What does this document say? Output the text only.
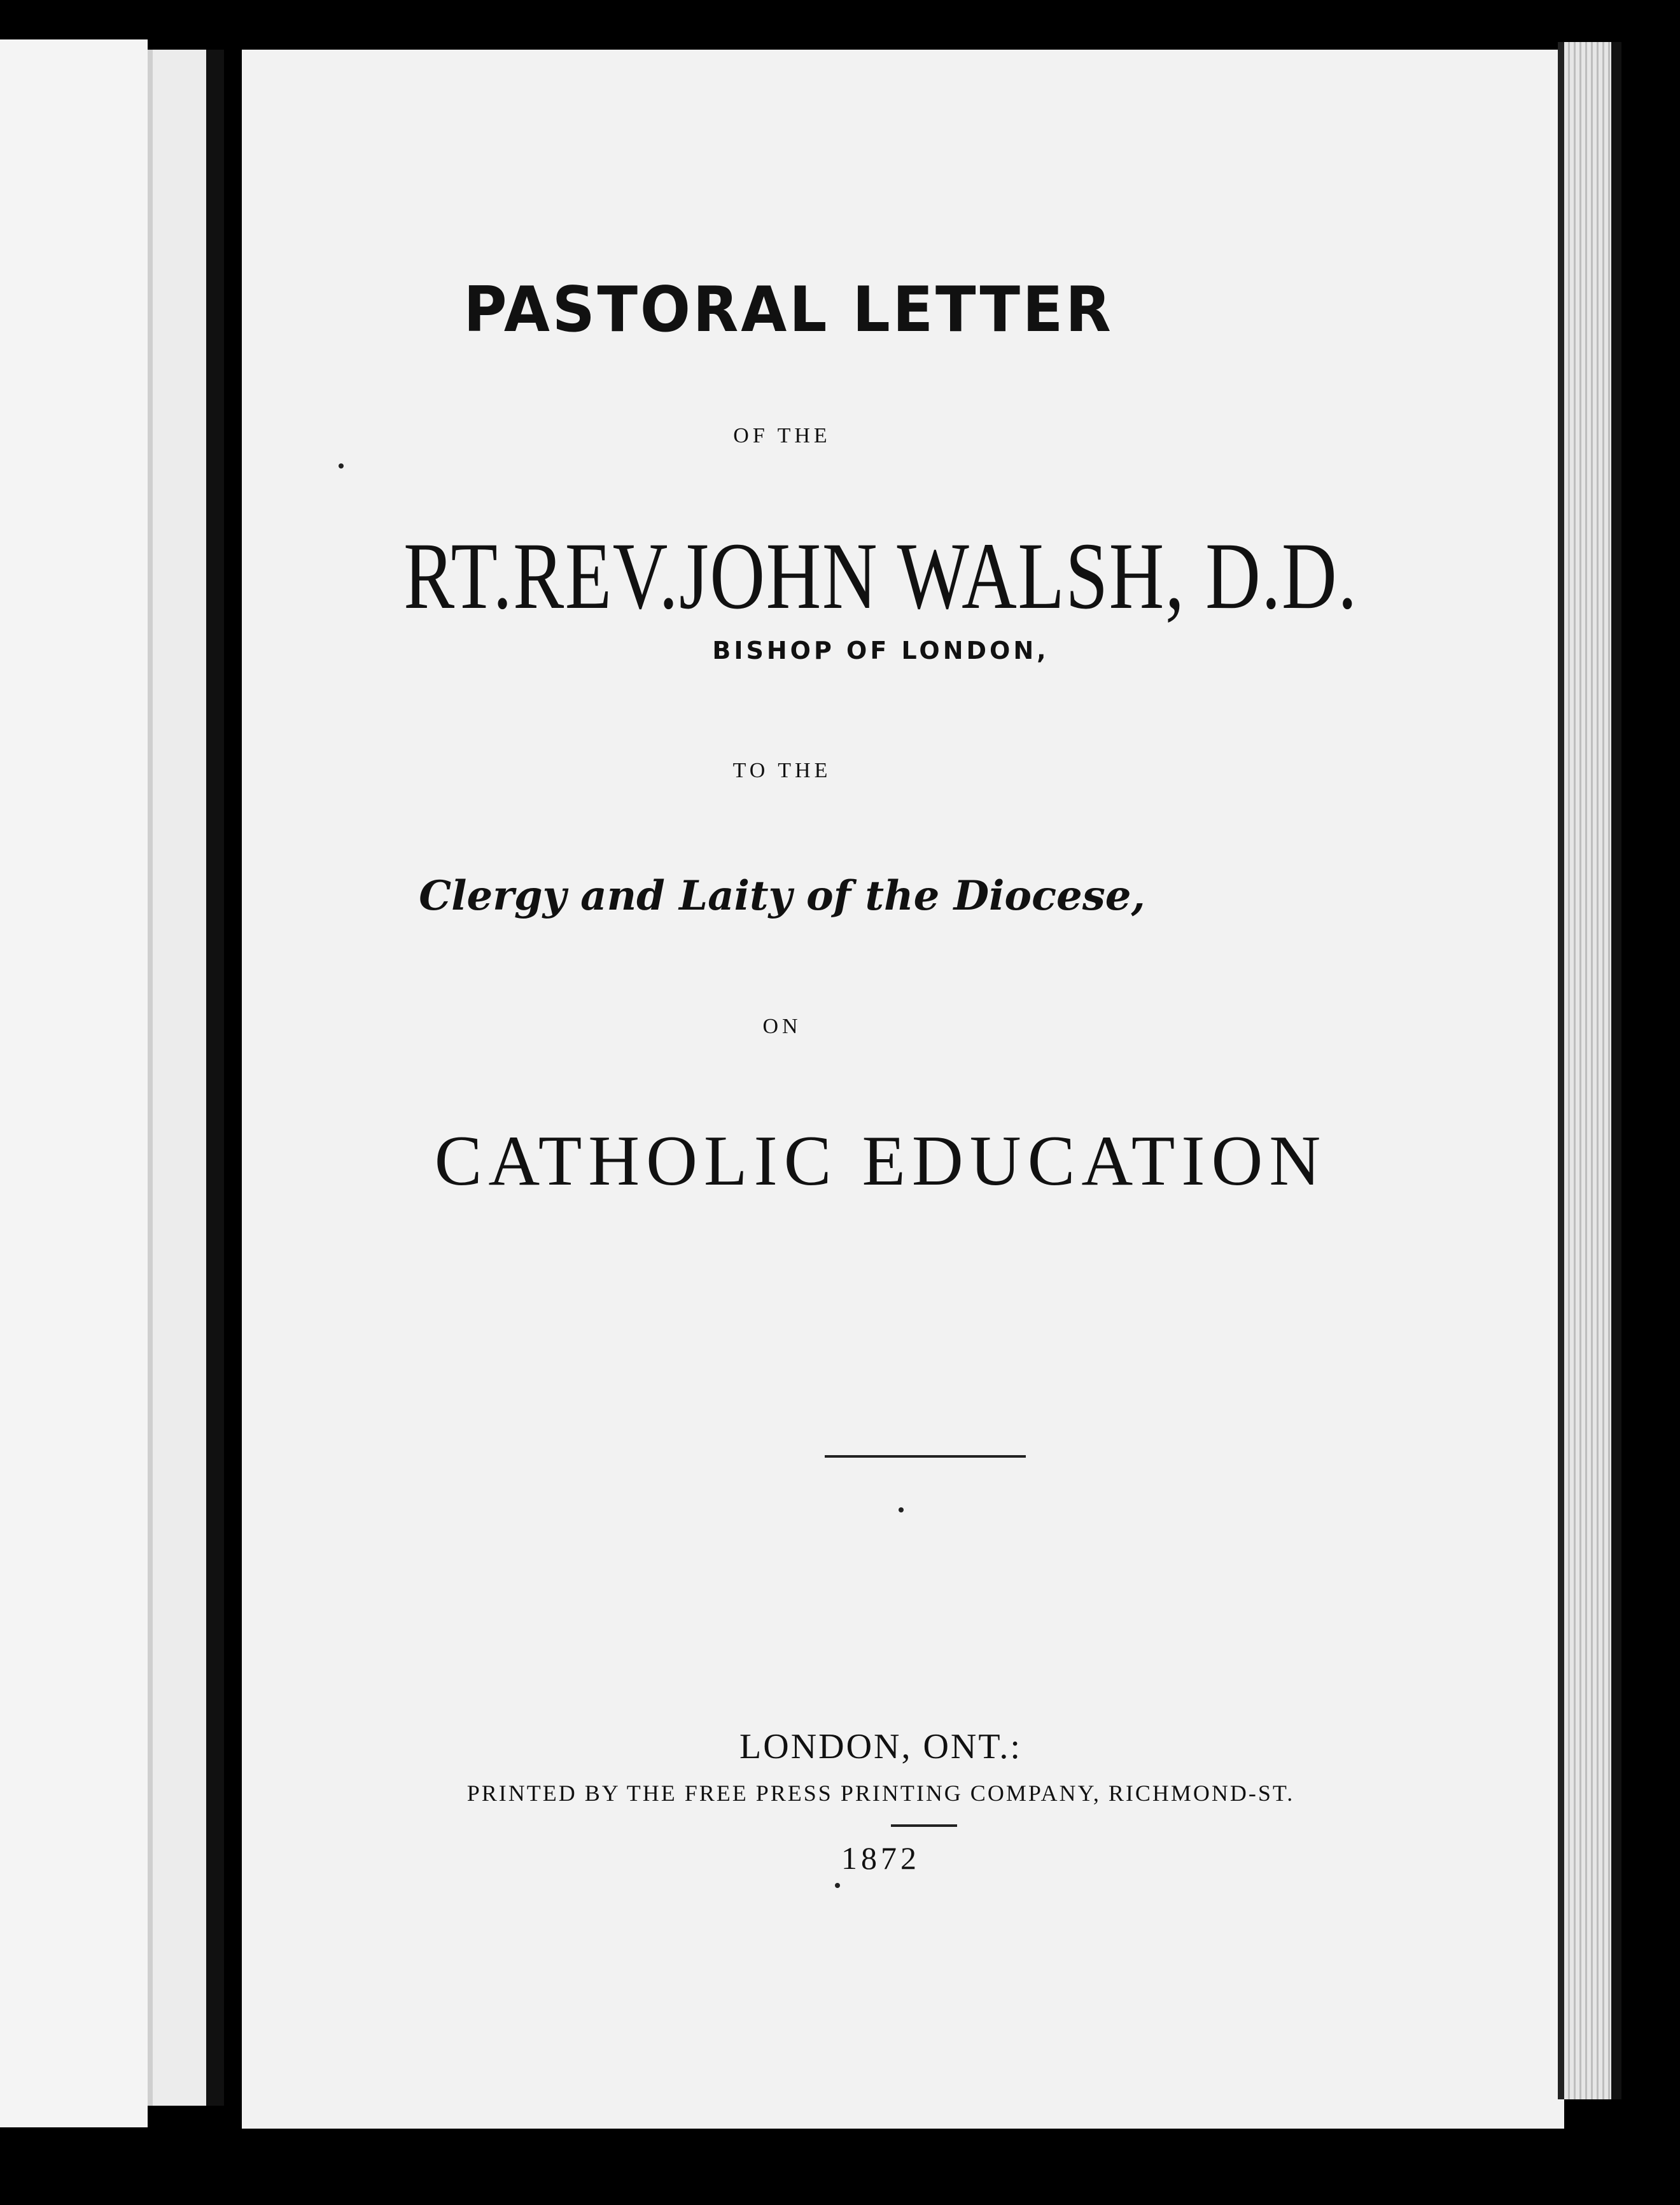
PASTORAL LETTER
OF THE
RT.REV.JOHN WALSH, D.D.
BISHOP OF LONDON,
TO THE
Clergy and Laity of the Diocese,
ON
CATHOLIC EDUCATION
LONDON, ONT.:
PRINTED BY THE FREE PRESS PRINTING COMPANY, RICHMOND-ST.
1872
